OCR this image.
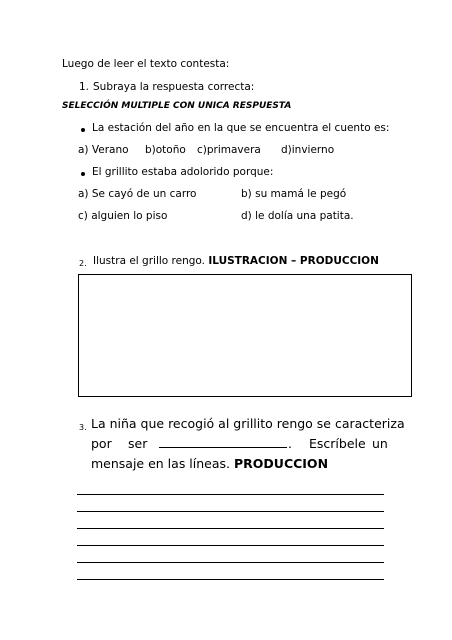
Luego de leer el texto contesta:
1. Subraya la respuesta correcta:
SELECCIÓN MULTIPLE CON UNICA RESPUESTA
La estación del año en la que se encuentra el cuento es:
a) Verano b)otoño c)primavera d)invierno
El grillito estaba adolorido porque:
a) Se cayó de un carro	b) su mamá le pegó
c) alguien lo piso	d) le dolía una patita.
2. Ilustra el grillo rengo. ILUSTRACION – PRODUCCION
3. La niña que recogió al grillito rengo se caracteriza
por ser	. Escríbele un
mensaje en las líneas. PRODUCCION
